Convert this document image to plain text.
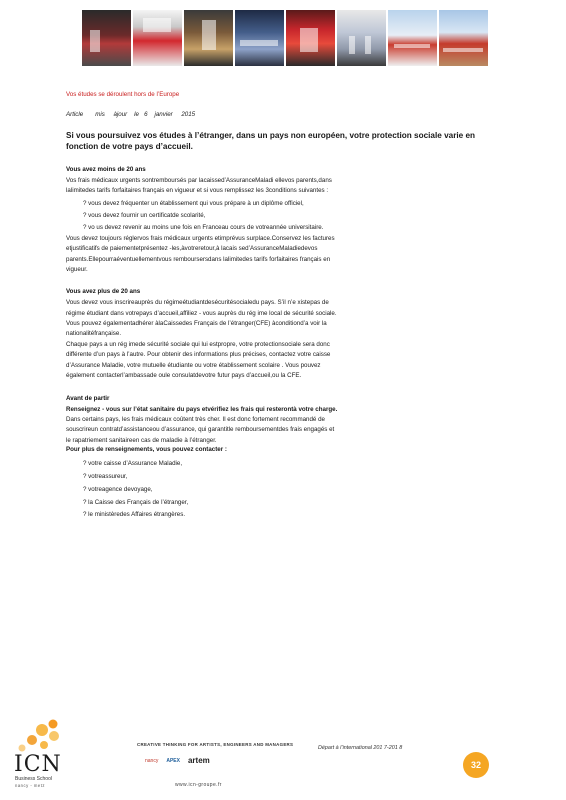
Vos études se déroulent hors de l’Europe
Article mis àjour le 6 janvier 2015
Si vous poursuivez vos études à l’étranger, dans un pays non européen, votre protection sociale varie en fonction de votre pays d’accueil.
Vous avez moins de 20 ans
Vos frais médicaux urgents sontremboursés par lacaissed’AssuranceMaladi ellevos parents,dans
lalimitedes tarifs forfaitaires français en vigueur et si vous remplissez les 3conditions suivantes :
? vous devez fréquenter un établissement qui vous prépare à un diplôme officiel,
? vous devez fournir un certificatde scolarité,
? vo us devez revenir au moins une fois en Franceau cours de votreannée universitaire.
Vous devez toujours réglervos frais médicaux urgents etimprévus surplace.Conservez les factures
etjustificatifs de paiementetprésentez -les,àvotreretour,à lacais sed’AssuranceMaladiedevos
parents.Ellepourraéventuellementvous remboursersdans lalimitedes tarifs forfaitaires français en
vigueur.
Vous avez plus de 20 ans
Vous devez vous inscrireauprès du régimeétudiantdesécuritésocialedu pays. S’il n’e xistepas de
régime étudiant dans votrepays d’accueil,affiliez - vous auprès du rég ime local de sécurité sociale.
Vous pouvez égalementadhérer àlaCaissedes Français de l’étranger(CFE) àconditiond’a voir la
nationalitéfrançaise.
Chaque pays a un rég imede sécurité sociale qui lui estpropre, votre protectionsociale sera donc
différente d’un pays à l’autre. Pour obtenir des informations plus précises, contactez votre caisse
d’Assurance Maladie, votre mutuelle étudiante ou votre établissement scolaire . Vous pouvez
également contacterl’ambassade oule consulatdevotre futur pays d’accueil,ou la CFE.
Avant de partir
Renseignez - vous sur l’état sanitaire du pays etvérifiez les frais qui resterontà votre charge.
Dans certains pays, les frais médicaux coûtent très cher. Il est donc fortement recommandé de
souscrireun contratd’assistanceou d’assurance, qui garantitle remboursementdes frais engagés et
le rapatriement sanitaireen cas de maladie à l’étranger.
Pour plus de renseignements, vous pouvez contacter :
? votre caisse d’Assurance Maladie,
? votreassureur,
? votreagence devoyage,
? la Caisse des Français de l’étranger,
? le ministèredes Affaires étrangères.
ICN
Business School
nancy - metz
CREATIVE THINKING FOR ARTISTS, ENGINEERS AND MANAGERS
nancy APEX artem
www.icn-groupe.fr
Départ à l’international 201 7-201 8
32
